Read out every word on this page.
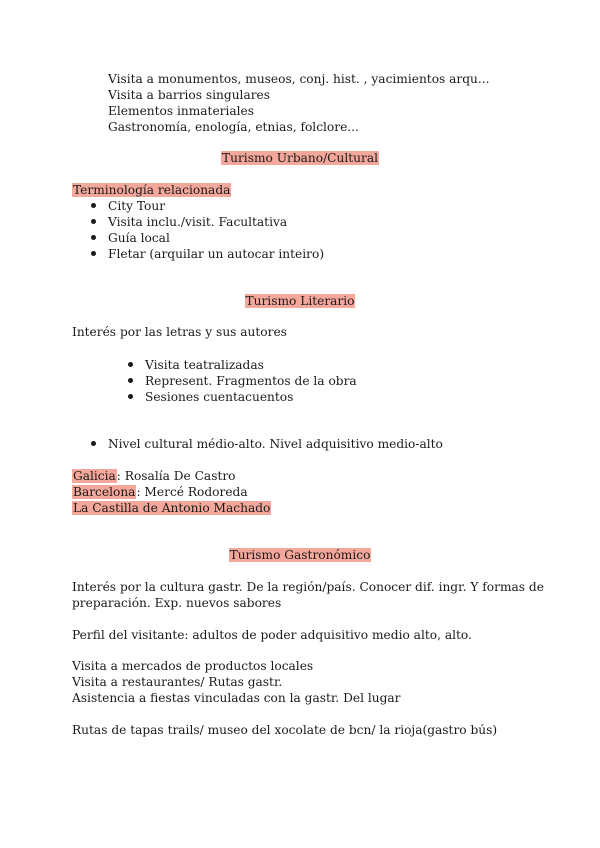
Visita a monumentos, museos, conj. hist. , yacimientos arqu...
Visita a barrios singulares
Elementos inmateriales
Gastronomía, enología, etnias, folclore...
Turismo Urbano/Cultural
Terminología relacionada
City Tour
Visita inclu./visit. Facultativa
Guía local
Fletar (arquilar un autocar inteiro)
Turismo Literario
Interés por las letras y sus autores
Visita teatralizadas
Represent. Fragmentos de la obra
Sesiones cuentacuentos
Nivel cultural médio-alto. Nivel adquisitivo medio-alto
Galicia: Rosalía De Castro
Barcelona: Mercé Rodoreda
La Castilla de Antonio Machado
Turismo Gastronómico
Interés por la cultura gastr. De la región/país. Conocer dif. ingr. Y formas de
preparación. Exp. nuevos sabores
Perfil del visitante: adultos de poder adquisitivo medio alto, alto.
Visita a mercados de productos locales
Visita a restaurantes/ Rutas gastr.
Asistencia a fiestas vinculadas con la gastr. Del lugar
Rutas de tapas trails/ museo del xocolate de bcn/ la rioja(gastro bús)
